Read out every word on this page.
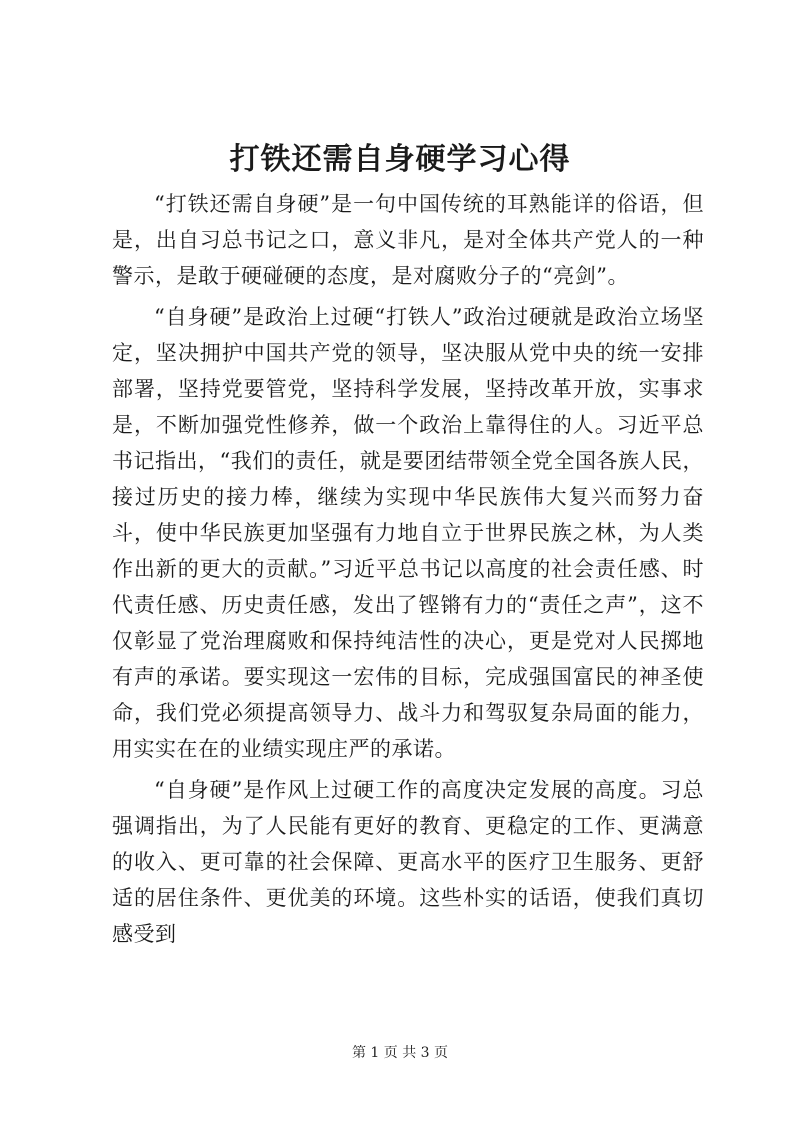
打铁还需自身硬学习心得

“打铁还需自身硬”是一句中国传统的耳熟能详的俗语，但是，出自习总书记之口，意义非凡，是对全体共产党人的一种警示，是敢于硬碰硬的态度，是对腐败分子的“亮剑”。

“自身硬”是政治上过硬“打铁人”政治过硬就是政治立场坚定，坚决拥护中国共产党的领导，坚决服从党中央的统一安排部署，坚持党要管党，坚持科学发展，坚持改革开放，实事求是，不断加强党性修养，做一个政治上靠得住的人。习近平总书记指出，“我们的责任，就是要团结带领全党全国各族人民，接过历史的接力棒，继续为实现中华民族伟大复兴而努力奋斗，使中华民族更加坚强有力地自立于世界民族之林，为人类作出新的更大的贡献。”习近平总书记以高度的社会责任感、时代责任感、历史责任感，发出了铿锵有力的“责任之声”，这不仅彰显了党治理腐败和保持纯洁性的决心，更是党对人民掷地有声的承诺。要实现这一宏伟的目标，完成强国富民的神圣使命，我们党必须提高领导力、战斗力和驾驭复杂局面的能力，用实实在在的业绩实现庄严的承诺。

“自身硬”是作风上过硬工作的高度决定发展的高度。习总强调指出，为了人民能有更好的教育、更稳定的工作、更满意的收入、更可靠的社会保障、更高水平的医疗卫生服务、更舒适的居住条件、更优美的环境。这些朴实的话语，使我们真切感受到

第 1 页 共 3 页
